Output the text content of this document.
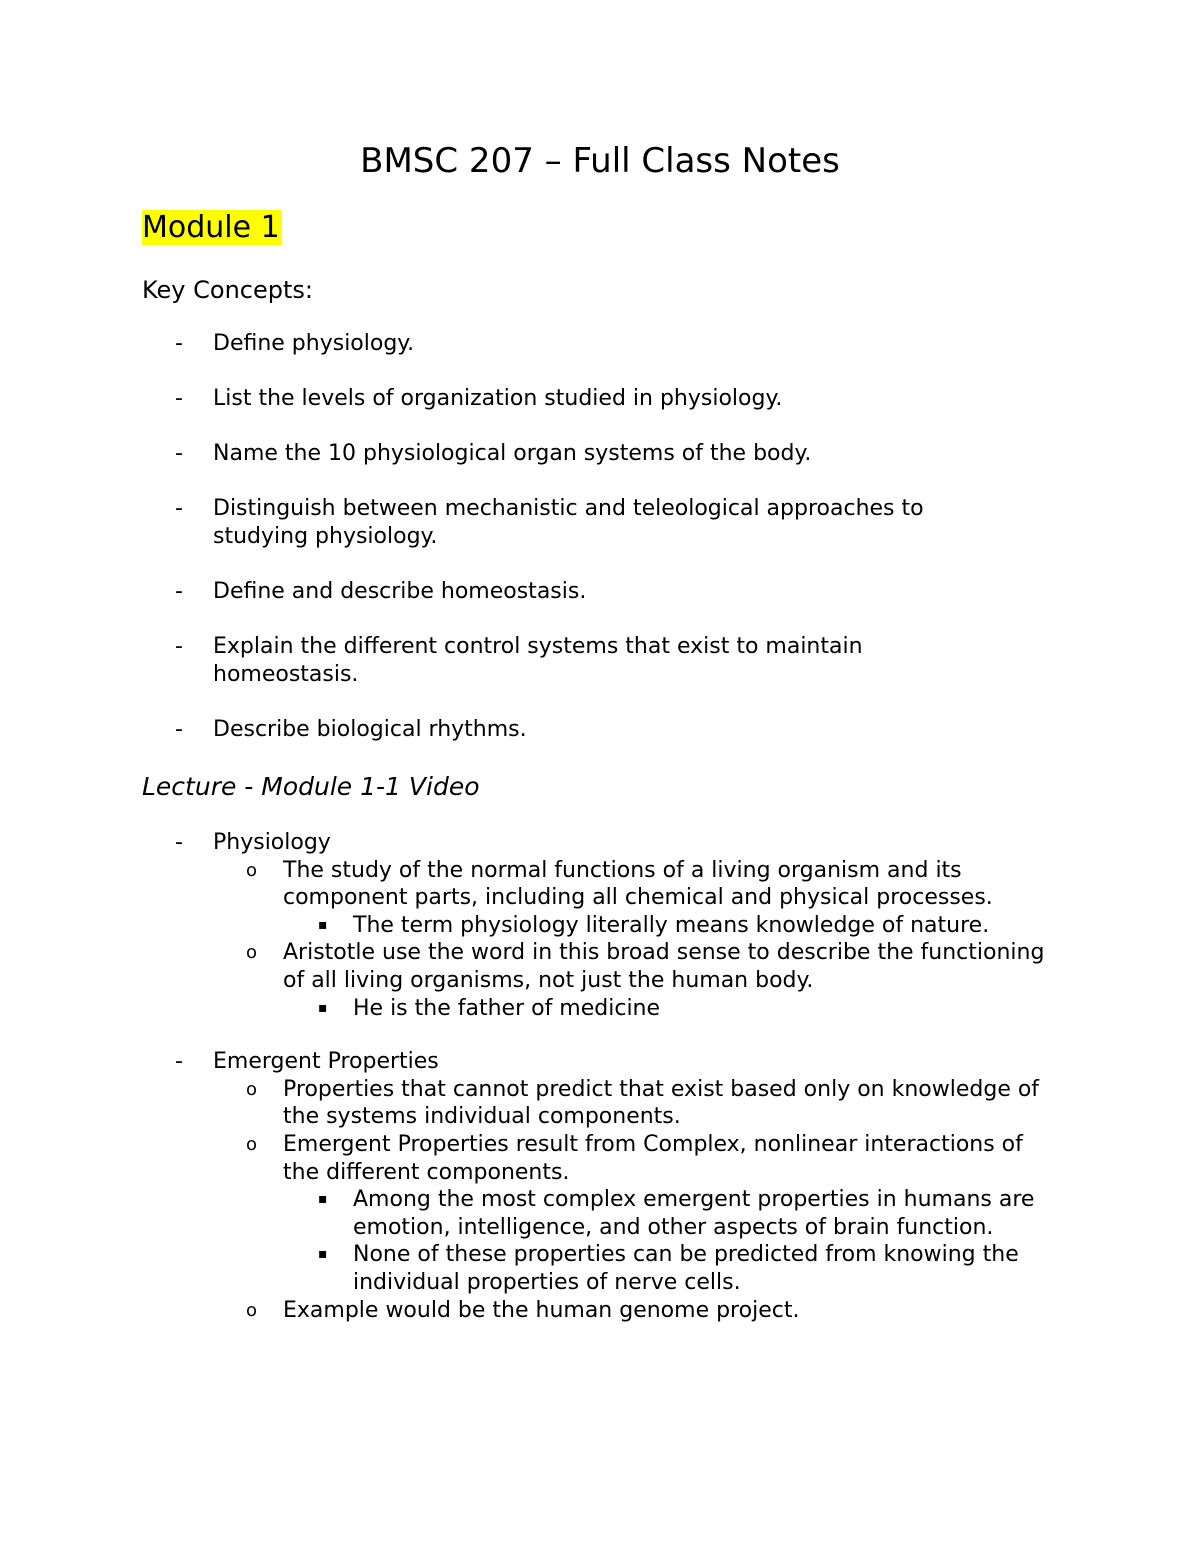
BMSC 207 – Full Class Notes
Module 1

Key Concepts:

- Define physiology.
- List the levels of organization studied in physiology.
- Name the 10 physiological organ systems of the body.
- Distinguish between mechanistic and teleological approaches to studying physiology.
- Define and describe homeostasis.
- Explain the different control systems that exist to maintain homeostasis.
- Describe biological rhythms.
Lecture - Module 1-1 Video
- Physiology
o The study of the normal functions of a living organism and its component parts, including all chemical and physical processes.
▪ The term physiology literally means knowledge of nature.
o Aristotle use the word in this broad sense to describe the functioning of all living organisms, not just the human body.
▪ He is the father of medicine
- Emergent Properties
o Properties that cannot predict that exist based only on knowledge of the systems individual components.
o Emergent Properties result from Complex, nonlinear interactions of the different components.
▪ Among the most complex emergent properties in humans are emotion, intelligence, and other aspects of brain function.
▪ None of these properties can be predicted from knowing the individual properties of nerve cells.
o Example would be the human genome project.
